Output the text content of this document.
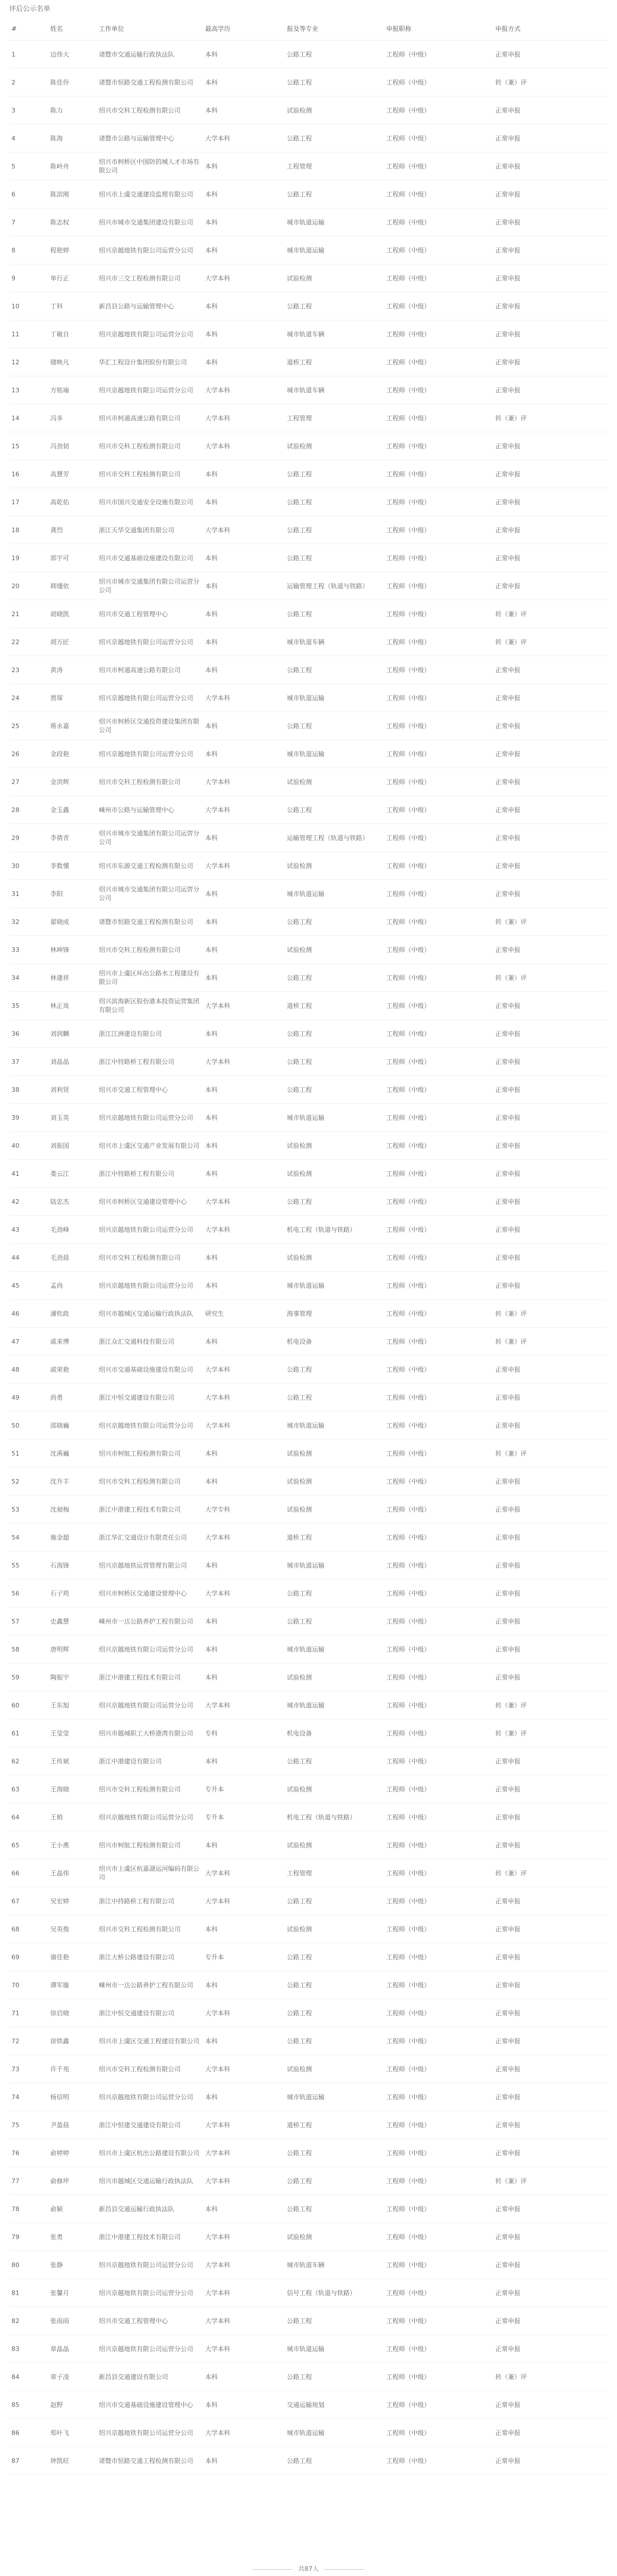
评后公示名单
#	姓名	工作单位	最高学历	报及等专业	申报职称	申报方式
1	边伟大	诸暨市交通运输行政执法队	本科	公路工程	工程师（中级）	正常申报
2	陈佳伶	诸暨市恒路交通工程检测有限公司	本科	公路工程	工程师（中级）	转（兼）评
3	陈力	绍兴市交科工程检测有限公司	本科	试验检测	工程师（中级）	正常申报
4	陈海	诸暨市公路与运输管理中心	大学本科	公路工程	工程师（中级）	正常申报
5	陈岭舟	绍兴市柯桥区中国防的城人才市场有限公司	本科	工程管理	工程师（中级）	正常申报
6	陈滨刚	绍兴市上虞交通建设监理有限公司	本科	公路工程	工程师（中级）	正常申报
7	陈志权	绍兴市城市交通集团建设有限公司	本科	城市轨道运输	工程师（中级）	正常申报
8	程艳婷	绍兴京越地铁有限公司运营分公司	本科	城市轨道运输	工程师（中级）	正常申报
9	单行正	绍兴市三交工程检测有限公司	大学本科	试验检测	工程师（中级）	正常申报
10	丁科	新昌县公路与运输管理中心	本科	公路工程	工程师（中级）	正常申报
11	丁敏自	绍兴京越地铁有限公司运营分公司	本科	城市轨道车辆	工程师（中级）	正常申报
12	储映凡	华汇工程设计集团股份有限公司	本科	道桥工程	工程师（中级）	正常申报
13	方铭瑜	绍兴京越地铁有限公司运营分公司	大学本科	城市轨道车辆	工程师（中级）	正常申报
14	冯多	绍兴市柯通高速公路有限公司	大学本科	工程管理	工程师（中级）	转（兼）评
15	冯劲韧	绍兴市交科工程检测有限公司	大学本科	试验检测	工程师（中级）	正常申报
16	高慧芳	绍兴市交科工程检测有限公司	本科	公路工程	工程师（中级）	正常申报
17	高乾佑	绍兴市国兴交通安全设施有限公司	本科	公路工程	工程师（中级）	正常申报
18	龚烈	浙江天华交通集团有限公司	大学本科	公路工程	工程师（中级）	正常申报
19	郭宇可	绍兴市交通基础设施建设有限公司	本科	公路工程	工程师（中级）	正常申报
20	韩缱依	绍兴市城市交通集团有限公司运营分公司	本科	运输管理工程（轨道与铁路）	工程师（中级）	正常申报
21	胡晓凯	绍兴市交通工程管理中心	本科	公路工程	工程师（中级）	转（兼）评
22	胡万匠	绍兴京越地铁有限公司运营分公司	本科	城市轨道车辆	工程师（中级）	转（兼）评
23	黄涛	绍兴市柯通高速公路有限公司	本科	公路工程	工程师（中级）	正常申报
24	贾琛	绍兴京越地铁有限公司运营分公司	大学本科	城市轨道运输	工程师（中级）	正常申报
25	蒋永嘉	绍兴市柯桥区交通投资建设集团有限公司	本科	公路工程	工程师（中级）	正常申报
26	金段艳	绍兴京越地铁有限公司运营分公司	本科	城市轨道运输	工程师（中级）	正常申报
27	金洪辉	绍兴市交科工程检测有限公司	大学本科	试验检测	工程师（中级）	正常申报
28	金玉鑫	嵊州市公路与运输管理中心	大学本科	公路工程	工程师（中级）	正常申报
29	李倩青	绍兴市城市交通集团有限公司运营分公司	本科	运输管理工程（轨道与铁路）	工程师（中级）	正常申报
30	李数懂	绍兴市东源交通工程检测有限公司	大学本科	试验检测	工程师（中级）	正常申报
31	李阳	绍兴市城市交通集团有限公司运营分公司	本科	城市轨道运输	工程师（中级）	正常申报
32	翟晓成	诸暨市恒路交通工程检测有限公司	本科	公路工程	工程师（中级）	转（兼）评
33	林坤锋	绍兴市交科工程检测有限公司	本科	试验检测	工程师（中级）	正常申报
34	林建祥	绍兴市上虞区环出公路水工程建设有限公司	本科	公路工程	工程师（中级）	转（兼）评
35	林正岚	绍兴滨海新区股份港本投资运营集团有限公司	大学本科	道桥工程	工程师（中级）	正常申报
36	刘润麟	浙江江洲建设有限公司	本科	公路工程	工程师（中级）	正常申报
37	刘晶晶	浙江中持路桥工程有限公司	大学本科	公路工程	工程师（中级）	正常申报
38	刘利贤	绍兴市交通工程管理中心	本科	公路工程	工程师（中级）	正常申报
39	刘玉英	绍兴京越地铁有限公司运营分公司	本科	城市轨道运输	工程师（中级）	正常申报
40	刘振国	绍兴市上虞区交通产业发展有限公司	本科	试验检测	工程师（中级）	正常申报
41	娄云江	浙江中持路桥工程有限公司	本科	试验检测	工程师（中级）	正常申报
42	陆忠杰	绍兴市柯桥区交通建设管理中心	大学本科	公路工程	工程师（中级）	正常申报
43	毛劲峰	绍兴京越地铁有限公司运营分公司	大学本科	机电工程（轨道与铁路）	工程师（中级）	正常申报
44	毛劲晨	绍兴市交科工程检测有限公司	本科	试验检测	工程师（中级）	正常申报
45	孟尚	绍兴京越地铁有限公司运营分公司	本科	城市轨道运输	工程师（中级）	正常申报
46	潘钦政	绍兴市越城区交通运输行政执法队	研究生	海事管理	工程师（中级）	转（兼）评
47	戚来博	浙江众汇交通科技有限公司	本科	机电设备	工程师（中级）	转（兼）评
48	戚荣艳	绍兴市交通基础设施建设有限公司	大学本科	公路工程	工程师（中级）	正常申报
49	尚勇	浙江中恒交通建设有限公司	大学本科	公路工程	工程师（中级）	正常申报
50	邵晓巍	绍兴京越地铁有限公司运营分公司	大学本科	城市轨道运输	工程师（中级）	正常申报
51	沈禹巍	绍兴市柯航工程检测有限公司	本科	试验检测	工程师（中级）	转（兼）评
52	沈升丰	绍兴市交科工程检测有限公司	本科	试验检测	工程师（中级）	正常申报
53	沈昶梅	浙江中港建工程技术有限公司	大学专科	试验检测	工程师（中级）	正常申报
54	施金超	浙江华汇交通设计有限责任公司	大学本科	道桥工程	工程师（中级）	正常申报
55	石海锋	绍兴京越地铁运营管理有限公司	本科	城市轨道运输	工程师（中级）	正常申报
56	石子筠	绍兴市柯桥区交通建设管理中心	大学本科	公路工程	工程师（中级）	正常申报
57	史鑫慧	嵊州市一达公路养护工程有限公司	本科	公路工程	工程师（中级）	正常申报
58	唐明辉	绍兴京越地铁有限公司运营分公司	本科	城市轨道运输	工程师（中级）	正常申报
59	陶振宇	浙江中港建工程技术有限公司	本科	试验检测	工程师（中级）	正常申报
60	王东旭	绍兴京越地铁有限公司运营分公司	大学本科	城市轨道运输	工程师（中级）	转（兼）评
61	王莹莹	绍兴市越城职工大桥港湾有限公司	专科	机电设备	工程师（中级）	转（兼）评
62	王传斌	浙江中港建设有限公司	本科	公路工程	工程师（中级）	正常申报
63	王海晓	绍兴市交科工程检测有限公司	专升本	试验检测	工程师（中级）	正常申报
64	王梢	绍兴京越地铁有限公司运营分公司	专升本	机电工程（轨道与铁路）	工程师（中级）	正常申报
65	王小燕	绍兴市柯航工程检测有限公司	本科	试验检测	工程师（中级）	正常申报
66	王晶伟	绍兴市上虞区杭嘉湖运河编码有限公司	大学本科	工程管理	工程师（中级）	转（兼）评
67	吴宏婷	浙江中持路桥工程有限公司	大学本科	公路工程	工程师（中级）	正常申报
68	吴英俊	绍兴市交科工程检测有限公司	本科	试验检测	工程师（中级）	正常申报
69	谢佳艳	浙江大桥公路建设有限公司	专升本	公路工程	工程师（中级）	正常申报
70	谭军璇	嵊州市一达公路养护工程有限公司	本科	公路工程	工程师（中级）	正常申报
71	徐启晓	浙江中恒交通建设有限公司	大学本科	公路工程	工程师（中级）	正常申报
72	徐铁鑫	绍兴市上虞区交通工程建设有限公司	本科	公路工程	工程师（中级）	正常申报
73	许千苑	绍兴市交科工程检测有限公司	大学本科	试验检测	工程师（中级）	正常申报
74	杨信明	绍兴京越地铁有限公司运营分公司	本科	城市轨道运输	工程师（中级）	正常申报
75	尹盈晨	浙江中恒建交通建设有限公司	大学本科	道桥工程	工程师（中级）	正常申报
76	俞婷婷	绍兴市上虞区杭出公路建设有限公司	大学本科	公路工程	工程师（中级）	正常申报
77	俞修坪	绍兴市越城区交通运输行政执法队	大学本科	公路工程	工程师（中级）	转（兼）评
78	俞颖	新昌县交通运输行政执法队	本科	公路工程	工程师（中级）	正常申报
79	张勇	浙江中港建工程技术有限公司	大学本科	试验检测	工程师（中级）	正常申报
80	张静	绍兴京越地铁有限公司运营分公司	大学本科	城市轨道车辆	工程师（中级）	正常申报
81	张馨月	绍兴京越地铁有限公司运营分公司	大学本科	信号工程（轨道与铁路）	工程师（中级）	正常申报
82	张雨雨	绍兴市交通工程管理中心	大学本科	公路工程	工程师（中级）	正常申报
83	章晶晶	绍兴京越地铁有限公司运营分公司	大学本科	城市轨道运输	工程师（中级）	正常申报
84	章子凌	新昌县交通建设有限公司	本科	公路工程	工程师（中级）	转（兼）评
85	赵野	绍兴市交通基础设施建设管理中心	本科	交通运输规划	工程师（中级）	正常申报
86	郑叶飞	绍兴京越地铁有限公司运营分公司	大学本科	城市轨道运输	工程师（中级）	正常申报
87	钟凯旺	诸暨市恒路交通工程检测有限公司	本科	公路工程	工程师（中级）	正常申报
共87人
